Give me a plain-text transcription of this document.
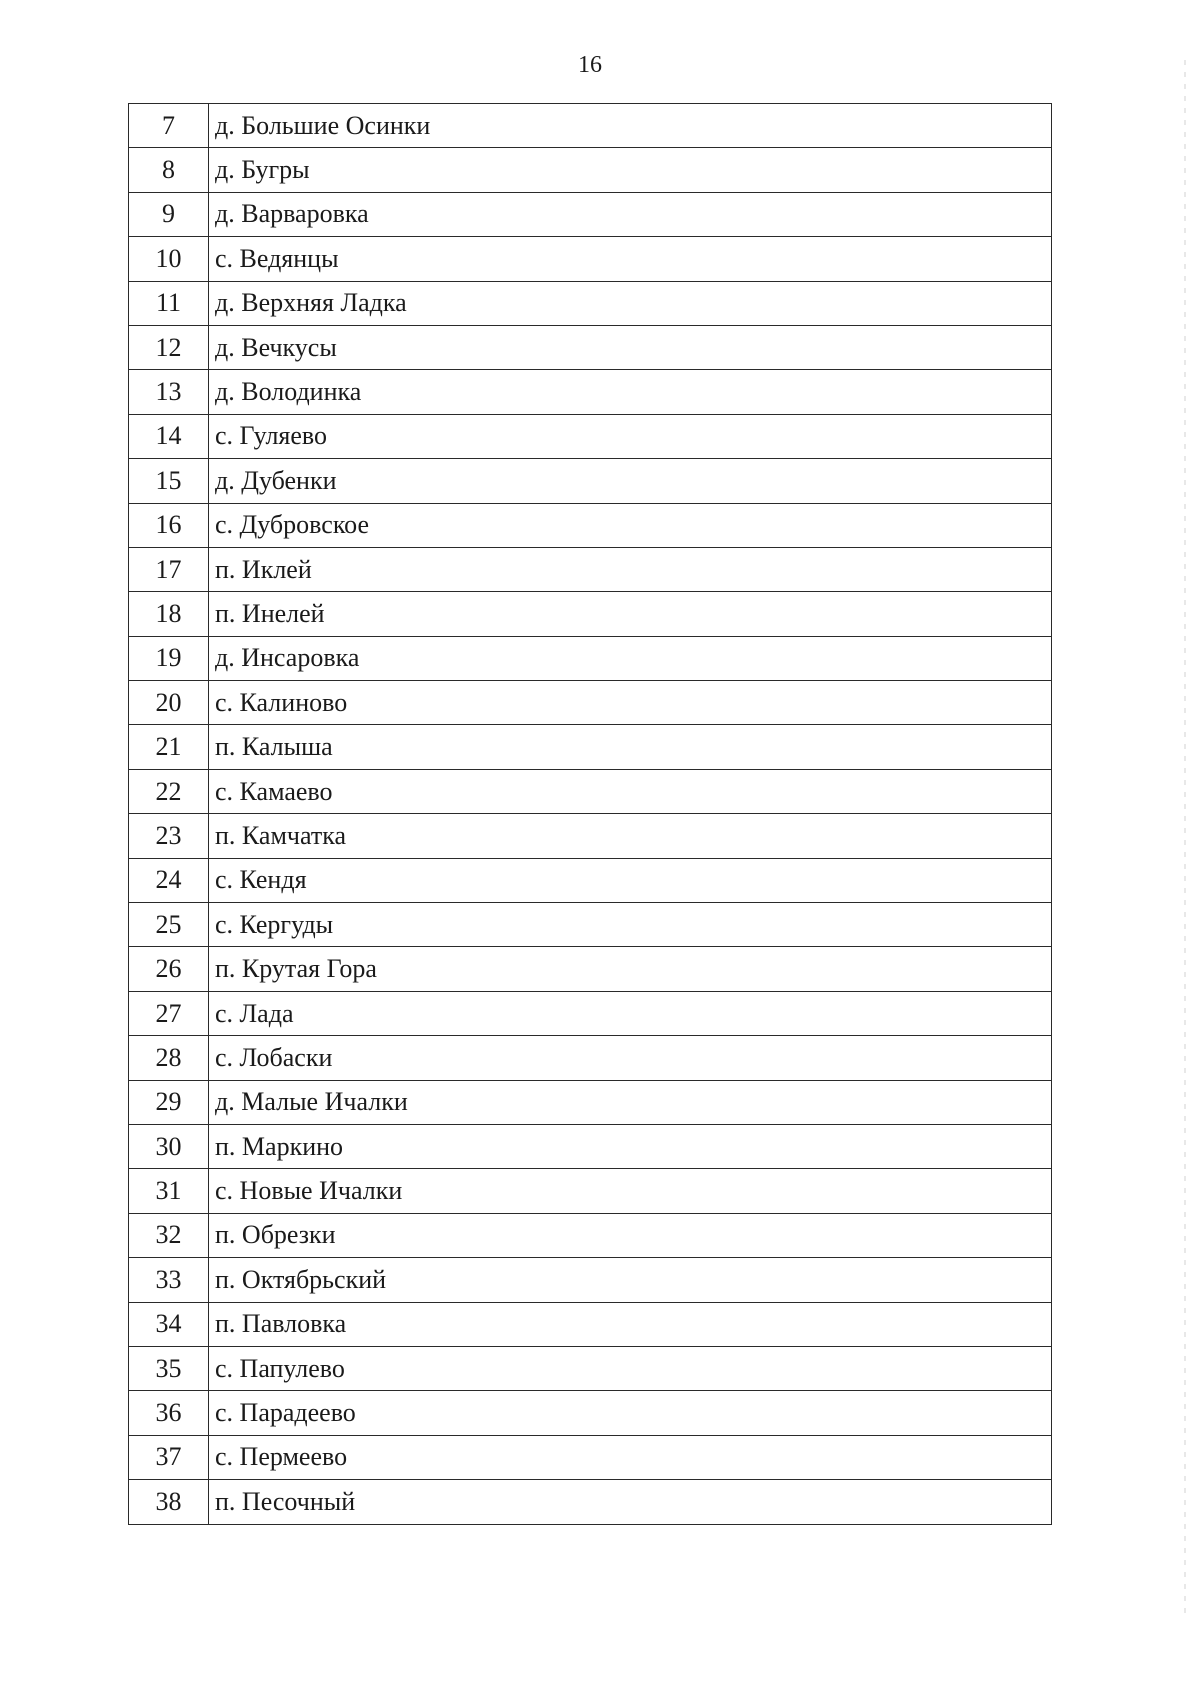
16
7	д. Большие Осинки
8	д. Бугры
9	д. Варваровка
10	с. Ведянцы
11	д. Верхняя Ладка
12	д. Вечкусы
13	д. Володинка
14	с. Гуляево
15	д. Дубенки
16	с. Дубровское
17	п. Иклей
18	п. Инелей
19	д. Инсаровка
20	с. Калиново
21	п. Калыша
22	с. Камаево
23	п. Камчатка
24	с. Кендя
25	с. Кергуды
26	п. Крутая Гора
27	с. Лада
28	с. Лобаски
29	д. Малые Ичалки
30	п. Маркино
31	с. Новые Ичалки
32	п. Обрезки
33	п. Октябрьский
34	п. Павловка
35	с. Папулево
36	с. Парадеево
37	с. Пермеево
38	п. Песочный
